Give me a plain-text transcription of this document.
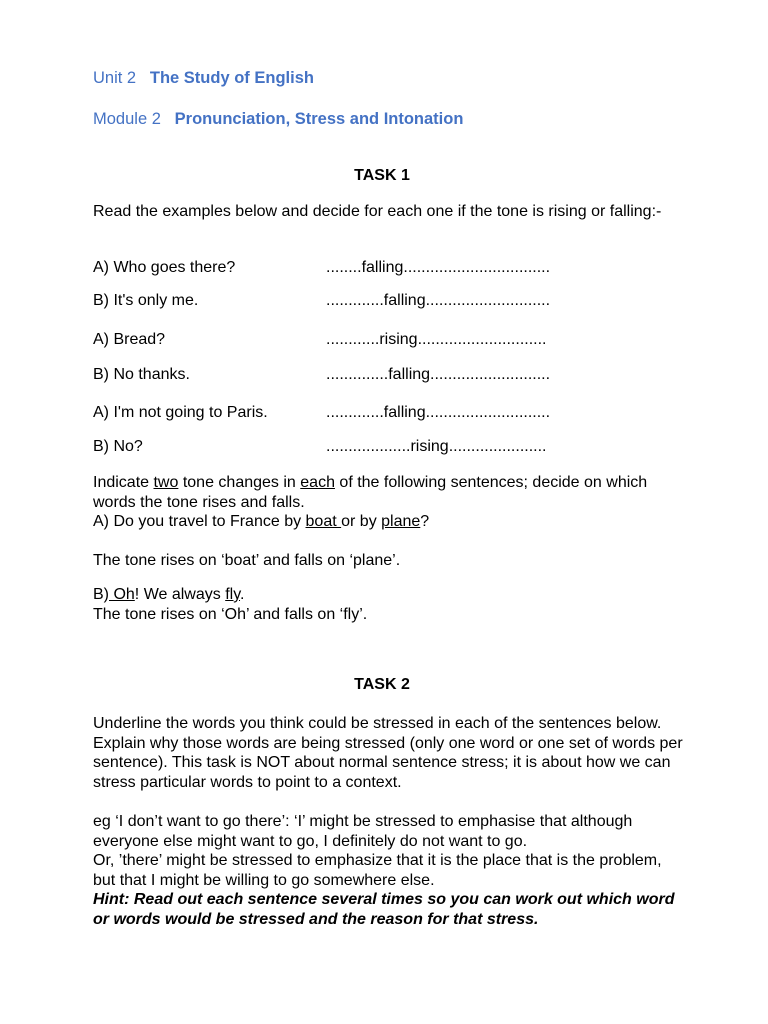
Unit 2 The Study of English
Module 2 Pronunciation, Stress and Intonation
TASK 1
Read the examples below and decide for each one if the tone is rising or falling:-
A) Who goes there?	........falling.................................
B) It's only me.	.............falling............................
A) Bread?	............rising.............................
B) No thanks.	..............falling...........................
A) I'm not going to Paris.	.............falling............................
B) No?	...................rising......................
Indicate two tone changes in each of the following sentences; decide on which words the tone rises and falls.
A) Do you travel to France by boat or by plane?
The tone rises on ‘boat’ and falls on ‘plane’.
B) Oh! We always fly.
The tone rises on ‘Oh’ and falls on ‘fly’.
TASK 2
Underline the words you think could be stressed in each of the sentences below. Explain why those words are being stressed (only one word or one set of words per sentence). This task is NOT about normal sentence stress; it is about how we can stress particular words to point to a context.
eg ‘I don’t want to go there’: ‘I’ might be stressed to emphasise that although everyone else might want to go, I definitely do not want to go.
Or, ’there’ might be stressed to emphasize that it is the place that is the problem, but that I might be willing to go somewhere else.
Hint: Read out each sentence several times so you can work out which word or words would be stressed and the reason for that stress.
